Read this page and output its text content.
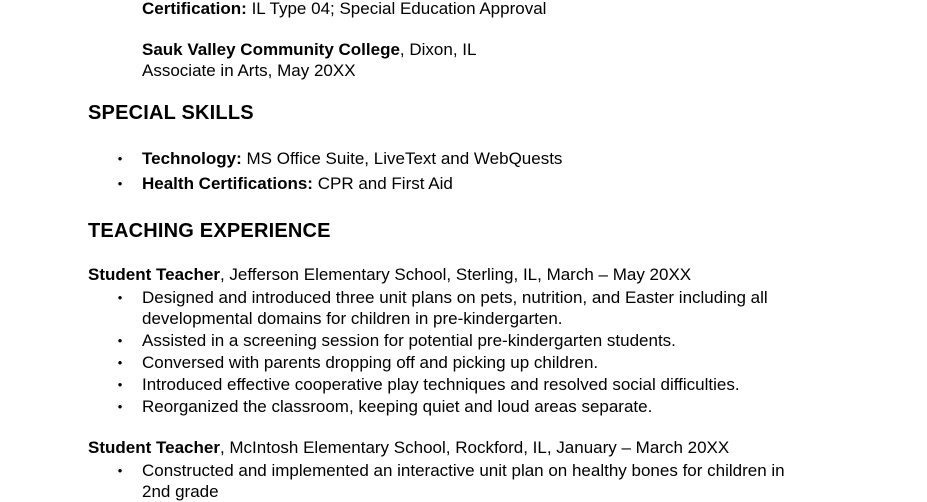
Certification: IL Type 04; Special Education Approval
Sauk Valley Community College, Dixon, IL
Associate in Arts, May 20XX
SPECIAL SKILLS
•	Technology: MS Office Suite, LiveText and WebQuests
•	Health Certifications: CPR and First Aid
TEACHING EXPERIENCE
Student Teacher, Jefferson Elementary School, Sterling, IL, March – May 20XX
•	Designed and introduced three unit plans on pets, nutrition, and Easter including all
developmental domains for children in pre-kindergarten.
•	Assisted in a screening session for potential pre-kindergarten students.
•	Conversed with parents dropping off and picking up children.
•	Introduced effective cooperative play techniques and resolved social difficulties.
•	Reorganized the classroom, keeping quiet and loud areas separate.
Student Teacher, McIntosh Elementary School, Rockford, IL, January – March 20XX
•	Constructed and implemented an interactive unit plan on healthy bones for children in
2nd grade
